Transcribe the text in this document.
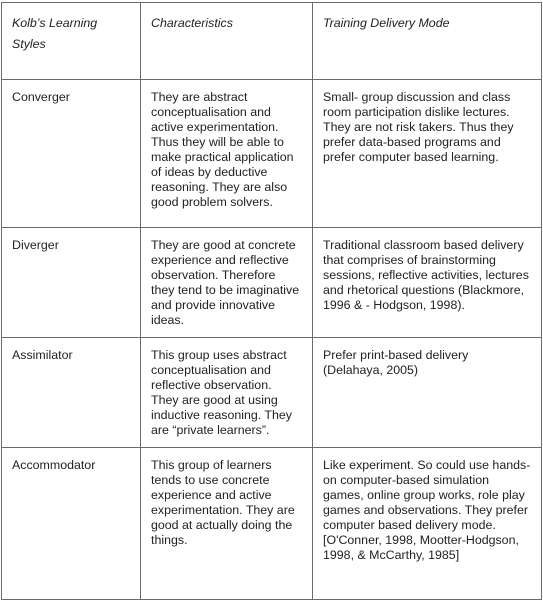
Kolb’s Learning Styles	Characteristics	Training Delivery Mode
Converger	They are abstract conceptualisation and active experimentation. Thus they will be able to make practical application of ideas by deductive reasoning. They are also good problem solvers.	Small- group discussion and class room participation dislike lectures. They are not risk takers. Thus they prefer data-based programs and prefer computer based learning.
Diverger	They are good at concrete experience and reflective observation. Therefore they tend to be imaginative and provide innovative ideas.	Traditional classroom based delivery that comprises of brainstorming sessions, reflective activities, lectures and rhetorical questions (Blackmore, 1996 & - Hodgson, 1998).
Assimilator	This group uses abstract conceptualisation and reflective observation. They are good at using inductive reasoning. They are “private learners”.	Prefer print-based delivery (Delahaya, 2005)
Accommodator	This group of learners tends to use concrete experience and active experimentation. They are good at actually doing the things.	Like experiment. So could use hands-on computer-based simulation games, online group works, role play games and observations. They prefer computer based delivery mode. [O'Conner, 1998, Mootter-Hodgson, 1998, & McCarthy, 1985]
